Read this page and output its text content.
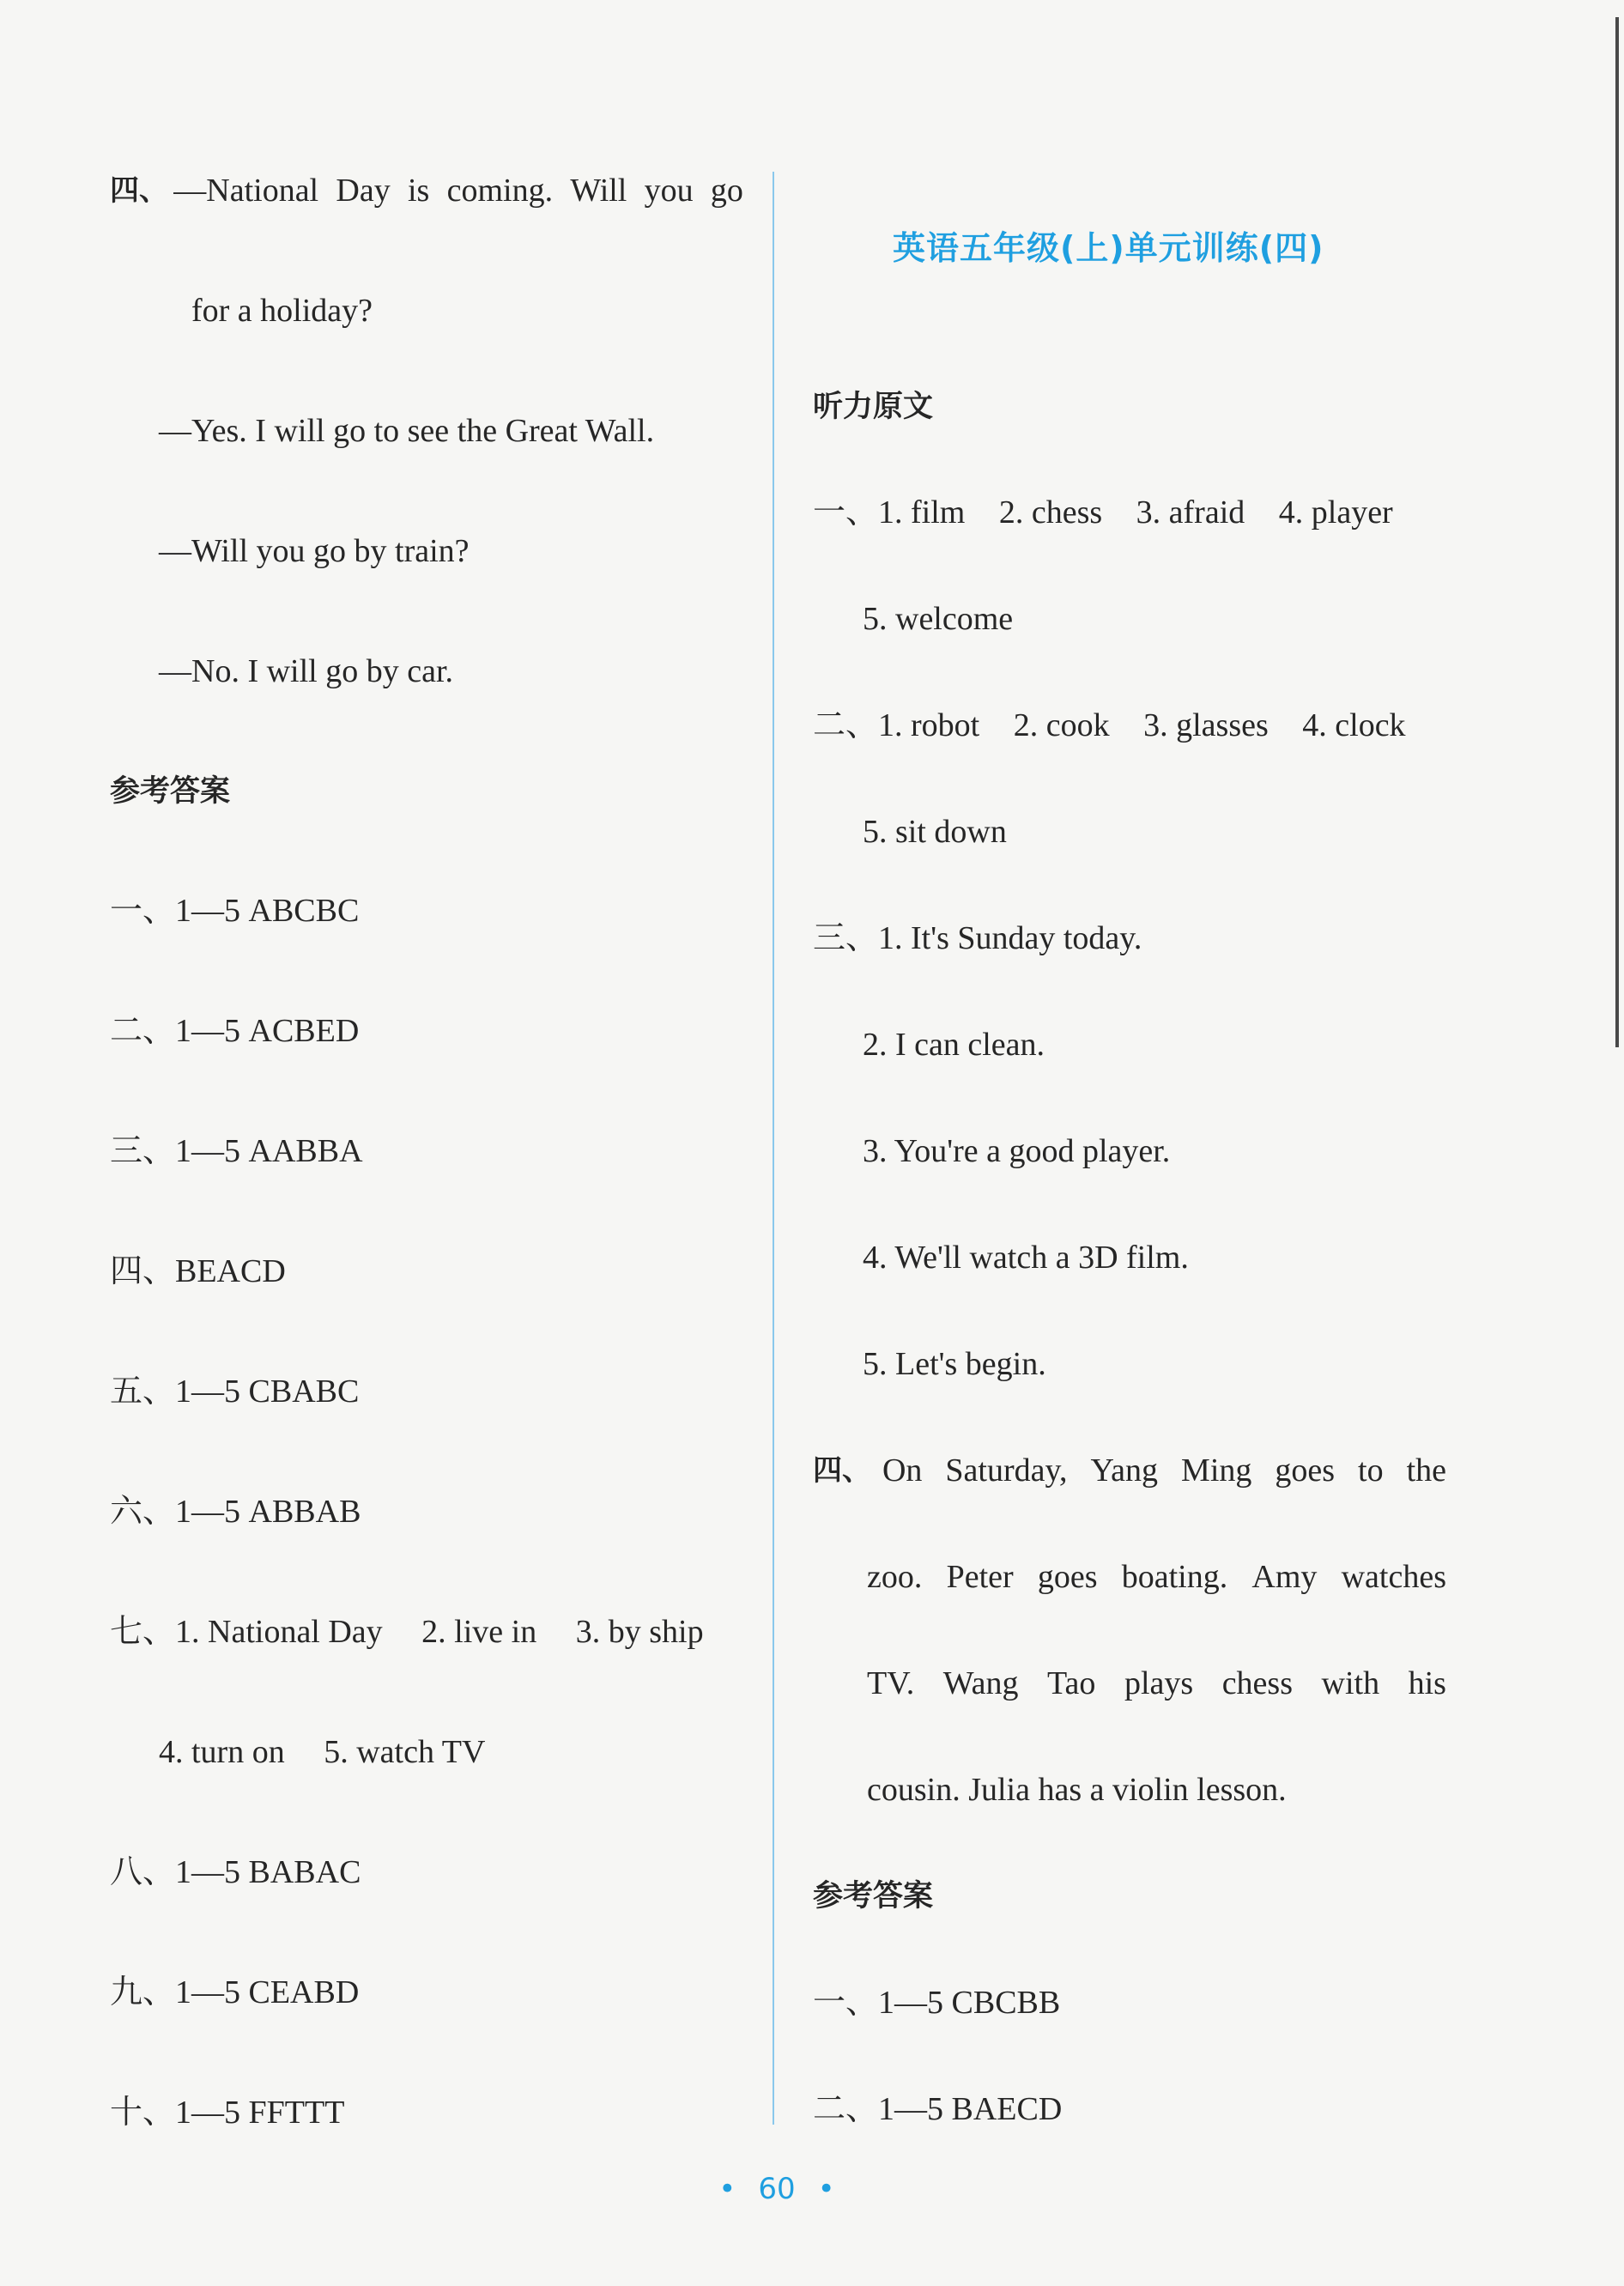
四、 —National Day is coming. Will you go
for a holiday?
—Yes. I will go to see the Great Wall.
—Will you go by train?
—No. I will go by car.
参考答案
一、1—5 ABCBC
二、1—5 ACBED
三、1—5 AABBA
四、BEACD
五、1—5 CBABC
六、1—5 ABBAB
七、1. National Day 2. live in 3. by ship
4. turn on 5. watch TV
八、1—5 BABAC
九、1—5 CEABD
十、1—5 FFTTT
英语五年级(上)单元训练(四)
听力原文
一、1. film 2. chess 3. afraid 4. player
5. welcome
二、1. robot 2. cook 3. glasses 4. clock
5. sit down
三、1. It's Sunday today.
2. I can clean.
3. You're a good player.
4. We'll watch a 3D film.
5. Let's begin.
四、 On Saturday, Yang Ming goes to the
zoo. Peter goes boating. Amy watches
TV. Wang Tao plays chess with his
cousin. Julia has a violin lesson.
参考答案
一、1—5 CBCBB
二、1—5 BAECD
• 60 •
